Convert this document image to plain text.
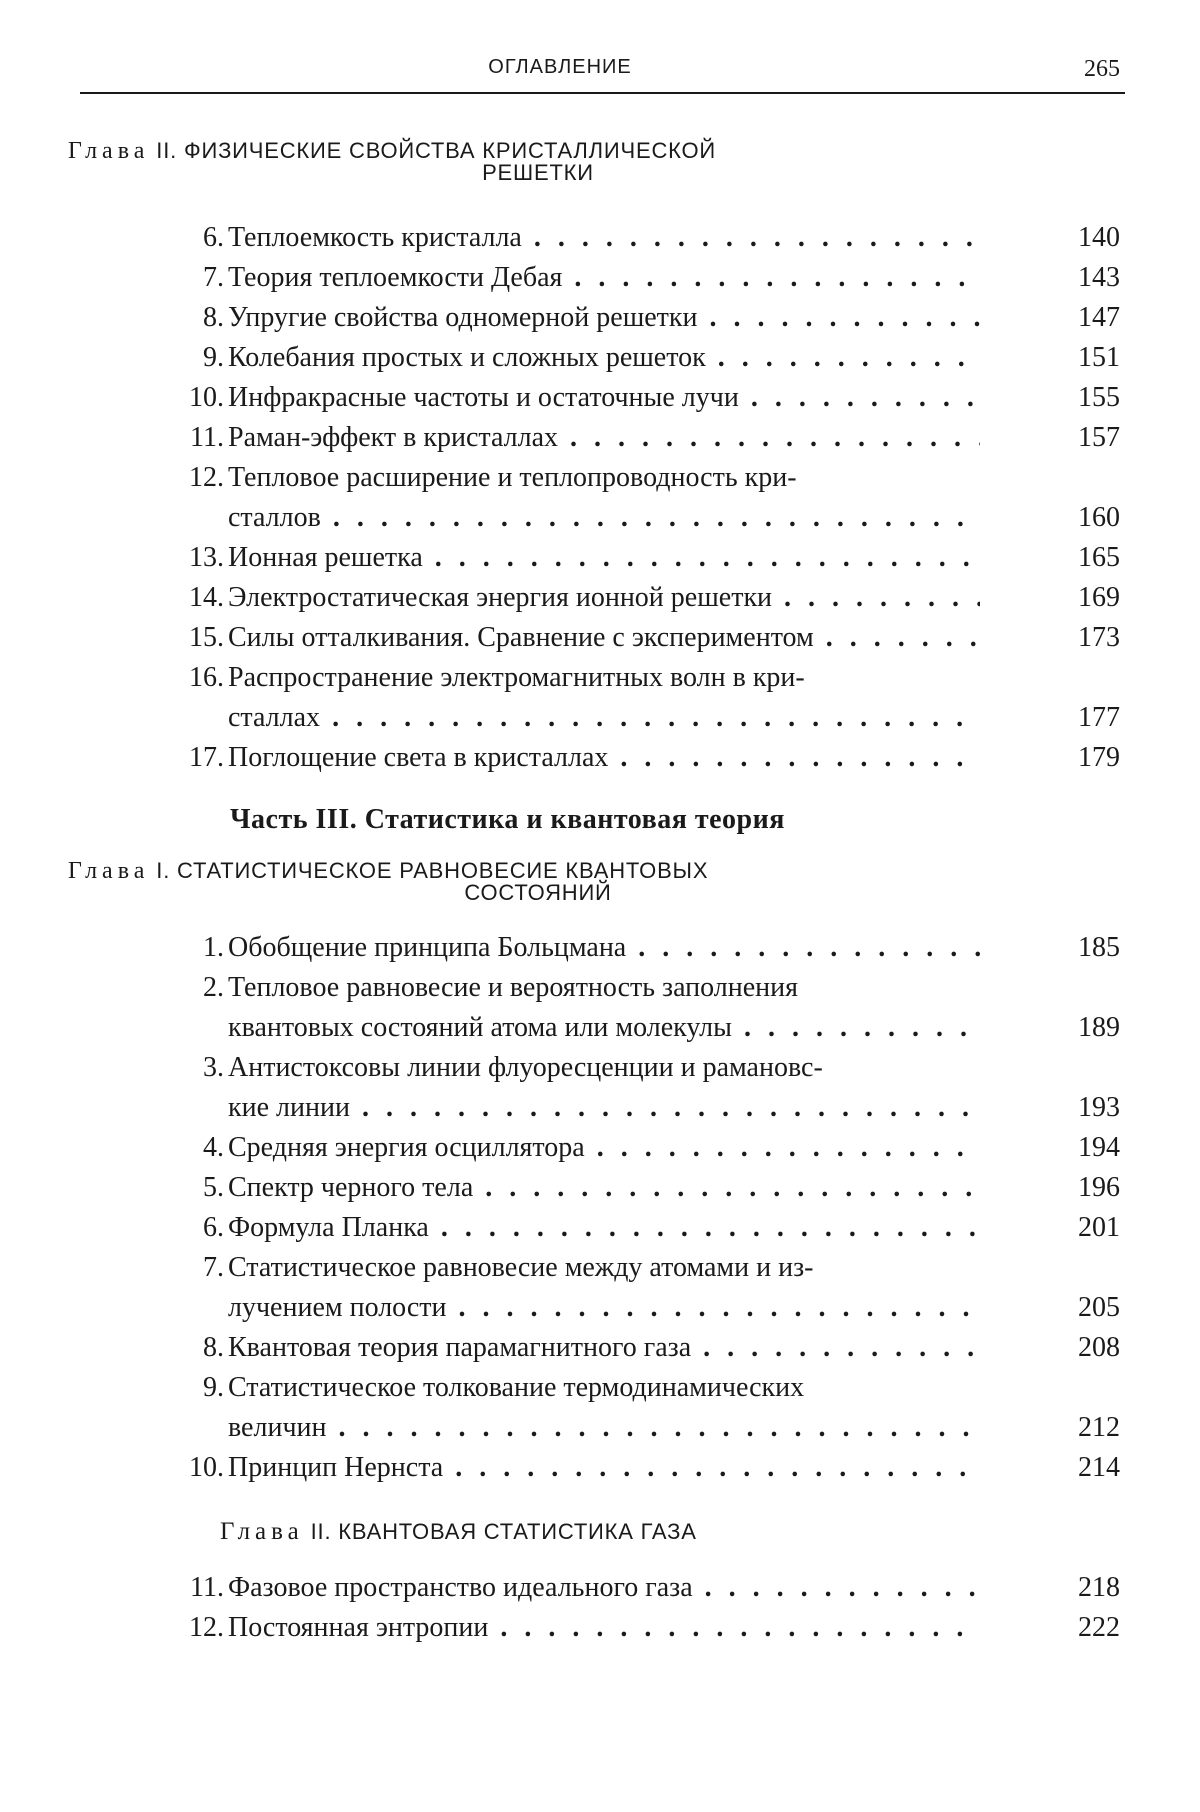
ОГЛАВЛЕНИЕ	265
Глава II. ФИЗИЧЕСКИЕ СВОЙСТВА КРИСТАЛЛИЧЕСКОЙ
РЕШЕТКИ
Часть III. Статистика и квантовая теория
Глава I. СТАТИСТИЧЕСКОЕ РАВНОВЕСИЕ КВАНТОВЫХ
СОСТОЯНИЙ
Глава II. КВАНТОВАЯ СТАТИСТИКА ГАЗА
6. Теплоемкость кристалла . . .	140
7. Теория теплоемкости Дебая . . .	143
8. Упругие свойства одномерной решетки . . .	147
9. Колебания простых и сложных решеток . . .	151
10. Инфракрасные частоты и остаточные лучи . . .	155
11. Раман-эффект в кристаллах . . .	157
12. Тепловое расширение и теплопроводность кри-
сталлов . . .	160
13. Ионная решетка . . .	165
14. Электростатическая энергия ионной решетки . . .	169
15. Силы отталкивания. Сравнение с экспериментом . . .	173
16. Распространение электромагнитных волн в кри-
сталлах . . .	177
17. Поглощение света в кристаллах . . .	179
1. Обобщение принципа Больцмана . . .	185
2. Тепловое равновесие и вероятность заполнения
квантовых состояний атома или молекулы . . .	189
3. Антистоксовы линии флуоресценции и рамановс-
кие линии . . .	193
4. Средняя энергия осциллятора . . .	194
5. Спектр черного тела . . .	196
6. Формула Планка . . .	201
7. Статистическое равновесие между атомами и из-
лучением полости . . .	205
8. Квантовая теория парамагнитного газа . . .	208
9. Статистическое толкование термодинамических
величин . . .	212
10. Принцип Нернста . . .	214
11. Фазовое пространство идеального газа . . .	218
12. Постоянная энтропии . . .	222
